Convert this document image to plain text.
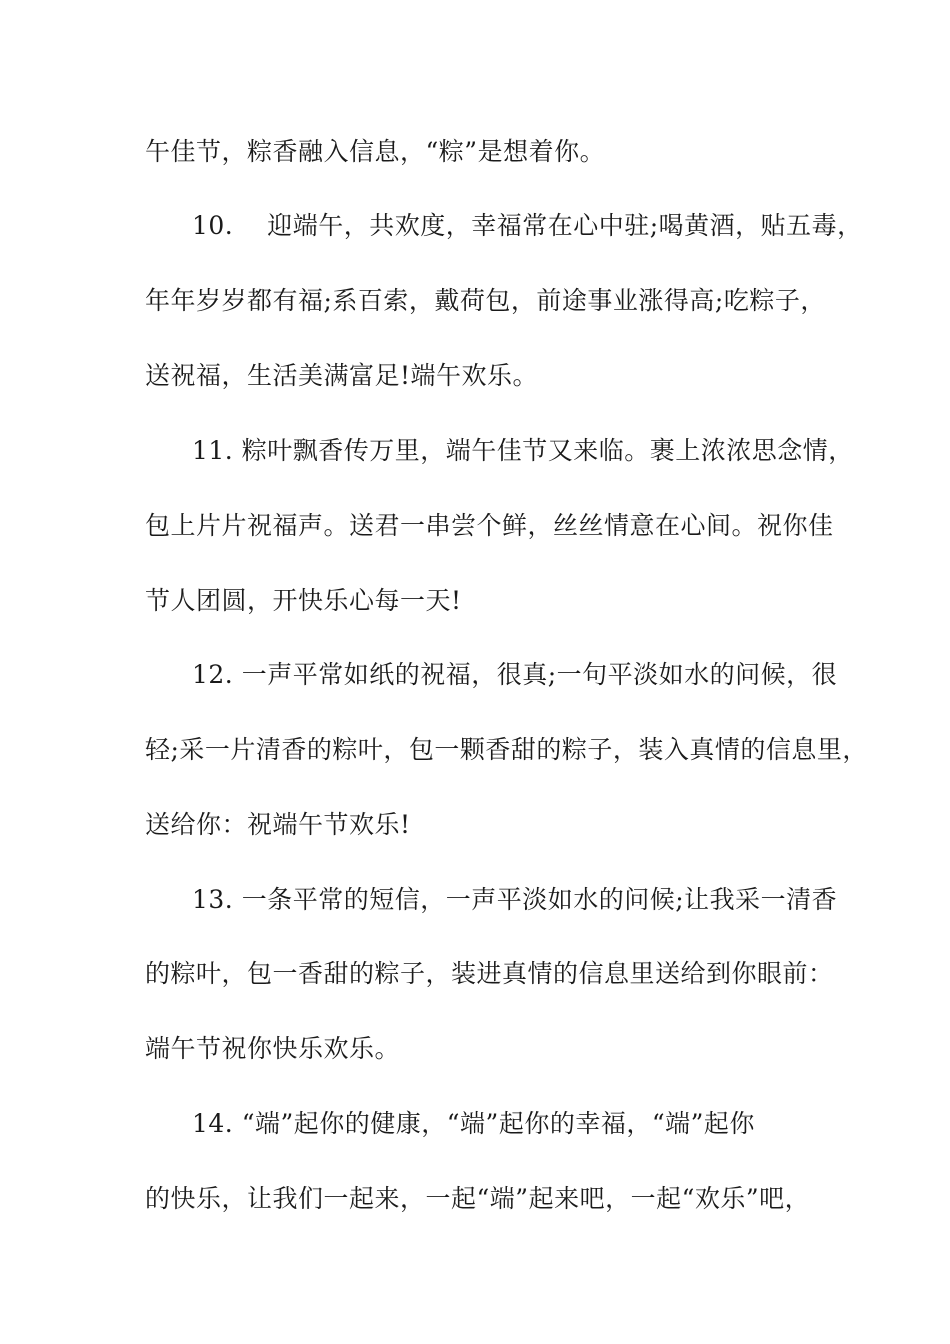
午佳节，粽香融入信息，“粽”是想着你。
10.　 迎端午，共欢度，幸福常在心中驻;喝黄酒，贴五毒，
年年岁岁都有福;系百索，戴荷包，前途事业涨得高;吃粽子，
送祝福，生活美满富足!端午欢乐。
11. 粽叶飘香传万里，端午佳节又来临。裹上浓浓思念情，
包上片片祝福声。送君一串尝个鲜，丝丝情意在心间。祝你佳
节人团圆，开快乐心每一天!
12. 一声平常如纸的祝福，很真;一句平淡如水的问候，很
轻;采一片清香的粽叶，包一颗香甜的粽子，装入真情的信息里，
送给你：祝端午节欢乐!
13. 一条平常的短信，一声平淡如水的问候;让我采一清香
的粽叶，包一香甜的粽子，装进真情的信息里送给到你眼前：
端午节祝你快乐欢乐。
14. “端”起你的健康，“端”起你的幸福，“端”起你
的快乐，让我们一起来，一起“端”起来吧，一起“欢乐”吧，
